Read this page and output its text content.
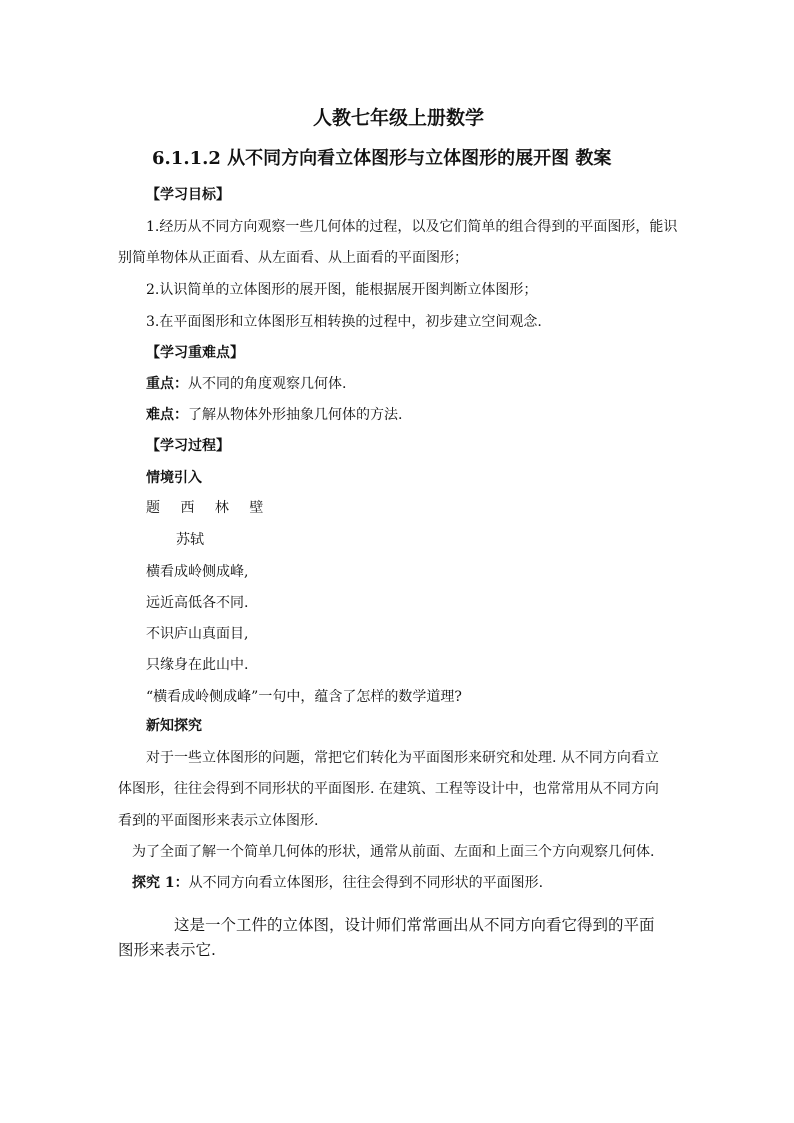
人教七年级上册数学
6.1.1.2 从不同方向看立体图形与立体图形的展开图 教案
【学习目标】
1.经历从不同方向观察一些几何体的过程，以及它们简单的组合得到的平面图形，能识
别简单物体从正面看、从左面看、从上面看的平面图形；
2.认识简单的立体图形的展开图，能根据展开图判断立体图形；
3.在平面图形和立体图形互相转换的过程中，初步建立空间观念.
【学习重难点】
重点：从不同的角度观察几何体.
难点：了解从物体外形抽象几何体的方法.
【学习过程】
情境引入
题 西 林 壁
苏轼
横看成岭侧成峰,
远近高低各不同.
不识庐山真面目,
只缘身在此山中.
“横看成岭侧成峰”一句中，蕴含了怎样的数学道理?
新知探究
对于一些立体图形的问题，常把它们转化为平面图形来研究和处理. 从不同方向看立
体图形，往往会得到不同形状的平面图形. 在建筑、工程等设计中，也常常用从不同方向
看到的平面图形来表示立体图形.
为了全面了解一个简单几何体的形状，通常从前面、左面和上面三个方向观察几何体.
探究 1：从不同方向看立体图形，往往会得到不同形状的平面图形.
这是一个工件的立体图，设计师们常常画出从不同方向看它得到的平面
图形来表示它.
